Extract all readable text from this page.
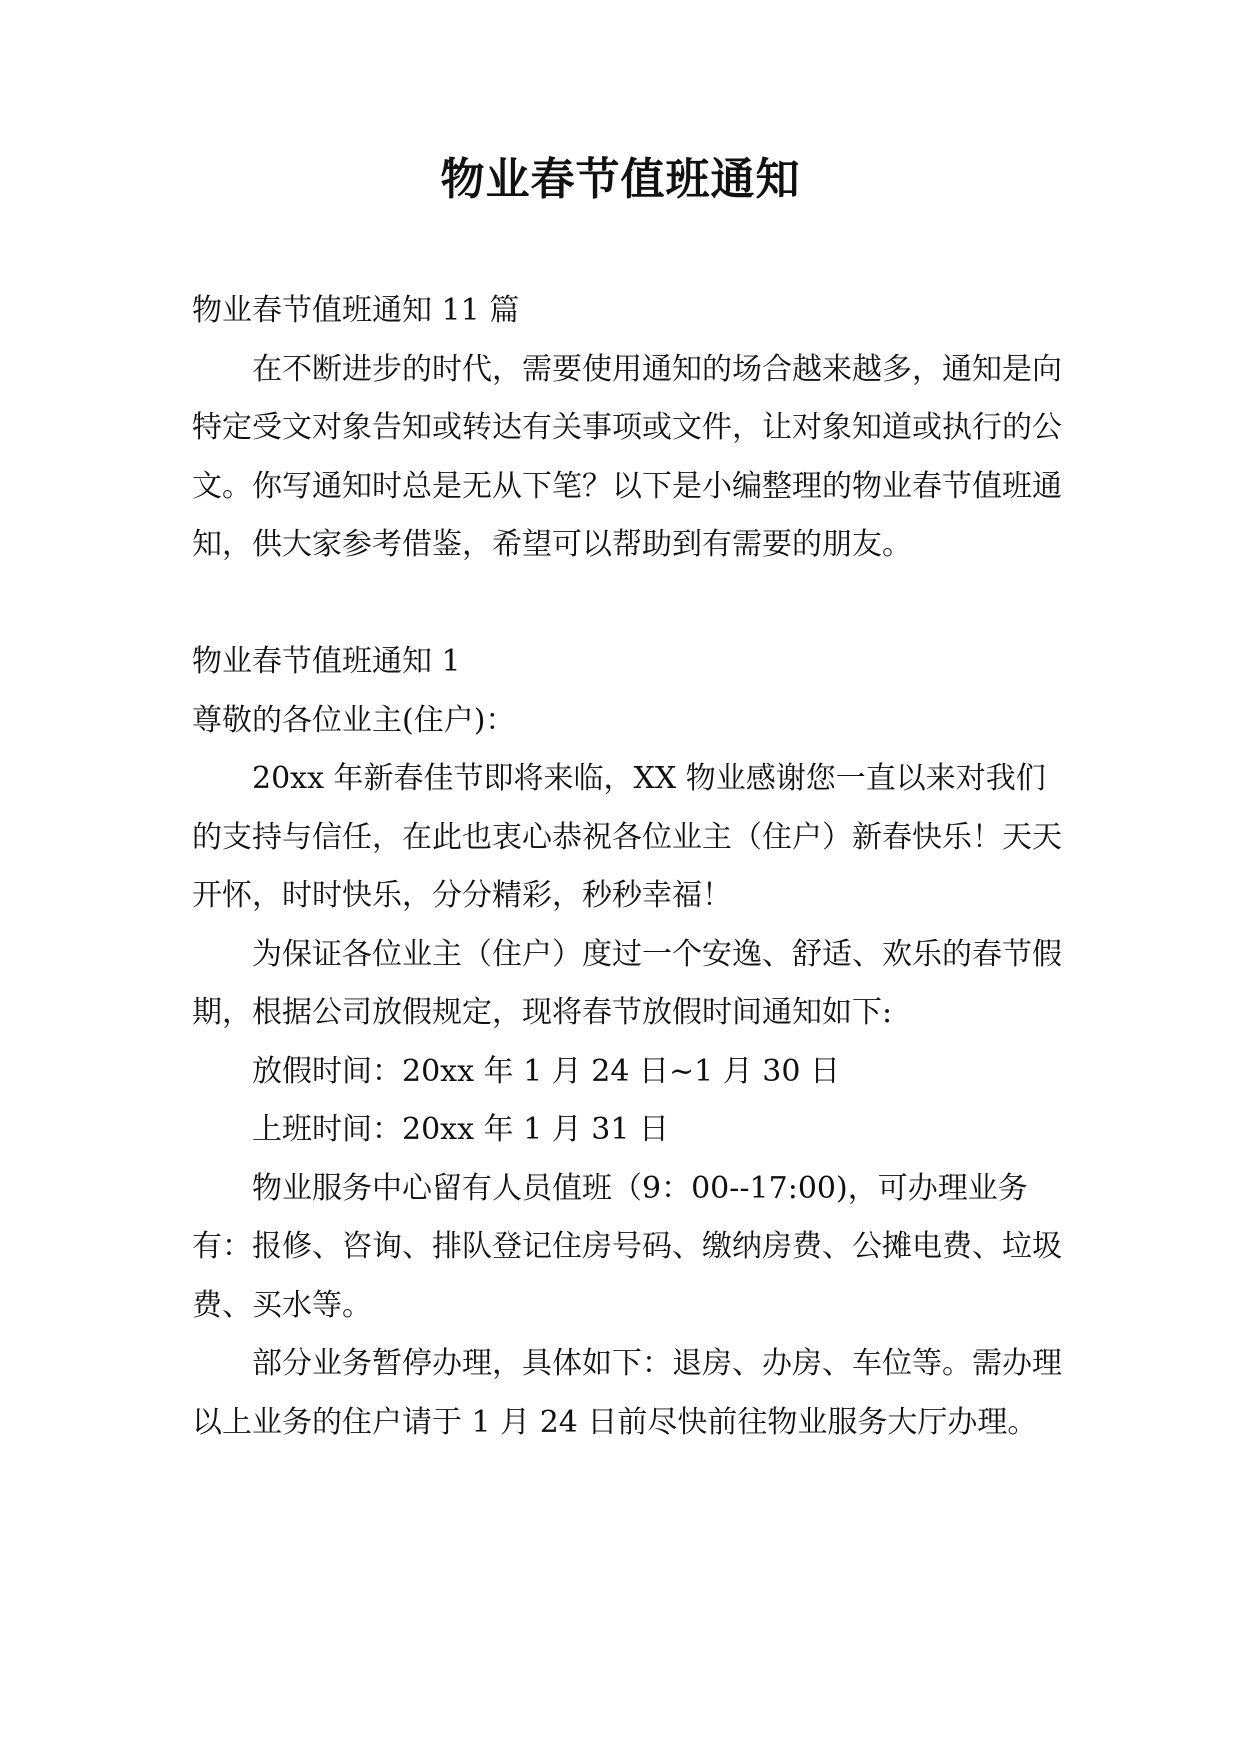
物业春节值班通知

物业春节值班通知 11 篇

在不断进步的时代，需要使用通知的场合越来越多，通知是向特定受文对象告知或转达有关事项或文件，让对象知道或执行的公文。你写通知时总是无从下笔？以下是小编整理的物业春节值班通知，供大家参考借鉴，希望可以帮助到有需要的朋友。

物业春节值班通知 1

尊敬的各位业主(住户)：

20xx 年新春佳节即将来临，XX 物业感谢您一直以来对我们的支持与信任，在此也衷心恭祝各位业主（住户）新春快乐！天天开怀，时时快乐，分分精彩，秒秒幸福！

为保证各位业主（住户）度过一个安逸、舒适、欢乐的春节假期，根据公司放假规定，现将春节放假时间通知如下:

放假时间：20xx 年 1 月 24 日~1 月 30 日

上班时间：20xx 年 1 月 31 日

物业服务中心留有人员值班（9：00--17:00)，可办理业务有：报修、咨询、排队登记住房号码、缴纳房费、公摊电费、垃圾费、买水等。

部分业务暂停办理，具体如下：退房、办房、车位等。需办理以上业务的住户请于 1 月 24 日前尽快前往物业服务大厅办理。
